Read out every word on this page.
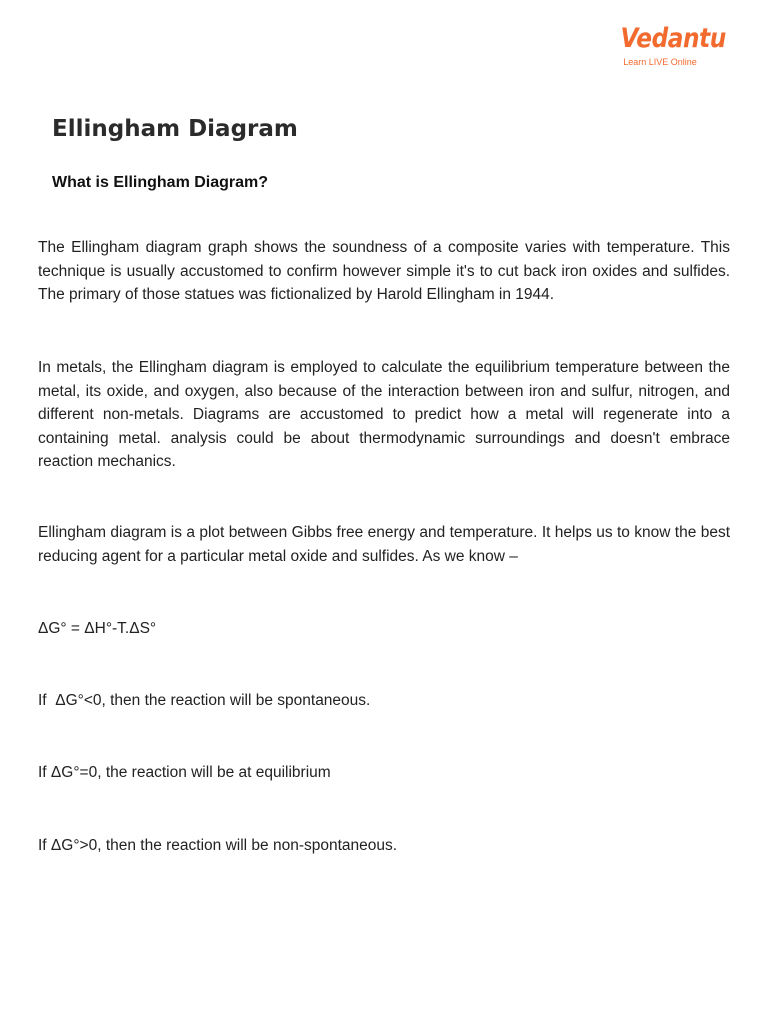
Vedantu
Learn LIVE Online
Ellingham Diagram
What is Ellingham Diagram?

The Ellingham diagram graph shows the soundness of a composite varies with temperature. This technique is usually accustomed to confirm however simple it's to cut back iron oxides and sulfides. The primary of those statues was fictionalized by Harold Ellingham in 1944.

In metals, the Ellingham diagram is employed to calculate the equilibrium temperature between the metal, its oxide, and oxygen, also because of the interaction between iron and sulfur, nitrogen, and different non-metals. Diagrams are accustomed to predict how a metal will regenerate into a containing metal. analysis could be about thermodynamic surroundings and doesn't embrace reaction mechanics.

Ellingham diagram is a plot between Gibbs free energy and temperature. It helps us to know the best reducing agent for a particular metal oxide and sulfides. As we know –

ΔG° = ΔH°-T.ΔS°

If  ΔG°<0, then the reaction will be spontaneous.

If ΔG°=0, the reaction will be at equilibrium

If ΔG°>0, then the reaction will be non-spontaneous.
